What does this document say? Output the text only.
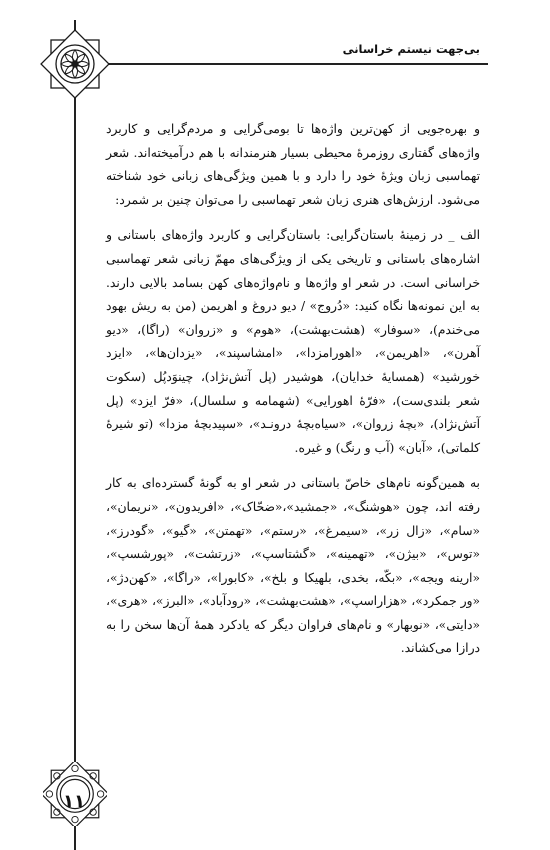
بی‌جهت نیستم خراسانی

و بهره‌جویی از کهن‌ترین واژه‌ها تا بومی‌گرایی و مردم‌گرایی و کاربرد واژه‌های گفتاری روزمرهٔ محیطی بسیار هنرمندانه با هم درآمیخته‌اند. شعر تهماسبی زبان ویژهٔ خود را دارد و با همین ویژگی‌های زبانی خود شناخته می‌شود. ارزش‌های هنری زبان شعر تهماسبی را می‌توان چنین بر شمرد:

الف _ در زمینهٔ باستان‌گرایی: باستان‌گرایی و کاربرد واژه‌های باستانی و اشاره‌های باستانی و تاریخی یکی از ویژگی‌های مهمّ زبانی شعر تهماسبی خراسانی است. در شعر او واژه‌ها و نام‌واژه‌های کهن بسامد بالایی دارند. به این نمونه‌ها نگاه کنید: «دُروج» / دیو دروغ و اهریمن (من به ریش بهود می‌خندم)، «سوفار» (هشت‌بهشت)، «هوم» و «زروان» (راگا)، «دیو آهرن»، «اهریمن»، «اهورامزدا»، «امشاسپند»، «یزدان‌ها»، «ایزد خورشید» (همسایهٔ خدایان)، هوشیدر (پل آتش‌نژاد)، چینوَدپُل (سکوت شعر بلندی‌ست)، «فرّهٔ اهورایی» (شهمامه و سلسال)، «فرّ ایزد» (پل آتش‌نژاد)، «بچهٔ زروان»، «سیاه‌بچهٔ درونـد»، «سپیدبچهٔ مزدا» (تو شیرهٔ کلماتی)، «آبان» (آب و رنگ) و غیره.

به همین‌گونه نام‌های خاصّ باستانی در شعر او به گونهٔ گسترده‌ای به کار رفته اند، چون «هوشنگ»، «جمشید»،«ضحّاک»، «افریدون»، «نریمان»، «سام»، «زال زر»، «سیمرغ»، «رستم»، «تهمتن»، «گیو»، «گودرز»، «توس»، «بیژن»، «تهمینه»، «گشتاسپ»، «زرتشت»، «پورشسپ»، «ارینه ویجه»، «بکّه، بخدی، بلهیکا و بلخ»، «کابورا»، «راگا»، «کهن‌دژ»، «ور جمکرد»، «هزاراسپ»، «هشت‌بهشت»، «رودآباد»، «البرز»، «هری»، «دایتی»، «نوبهار» و نام‌های فراوان دیگر که یادکرد همهٔ آن‌ها سخن را به درازا می‌کشاند.

۱۱
